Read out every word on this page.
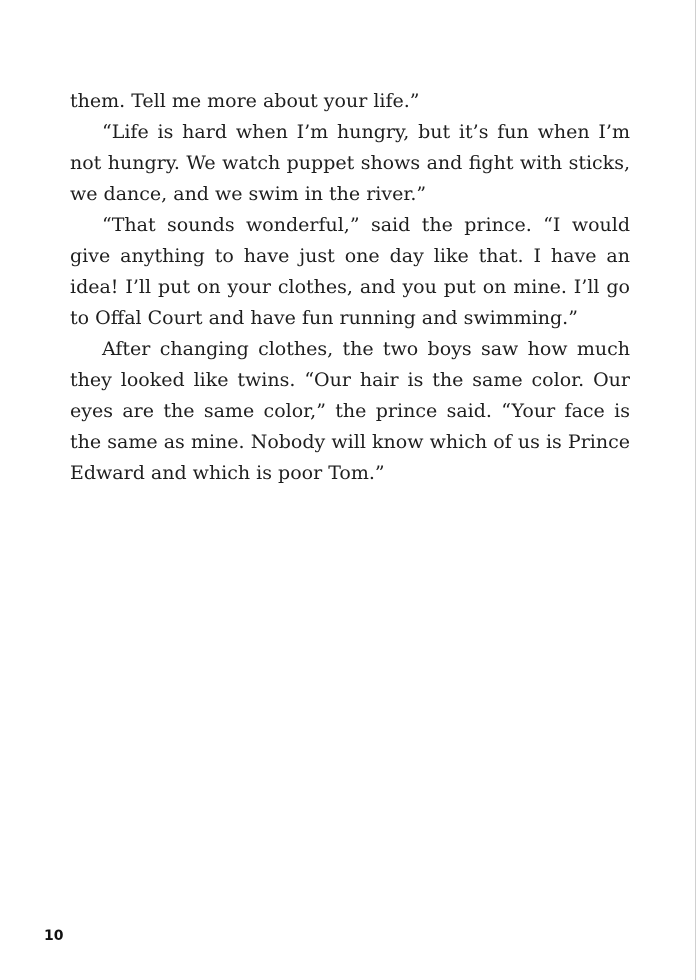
them. Tell me more about your life.”

“Life is hard when I’m hungry, but it’s fun when I’m not hungry. We watch puppet shows and fight with sticks, we dance, and we swim in the river.”

“That sounds wonderful,” said the prince. “I would give anything to have just one day like that. I have an idea! I’ll put on your clothes, and you put on mine. I’ll go to Offal Court and have fun running and swimming.”

After changing clothes, the two boys saw how much they looked like twins. “Our hair is the same color. Our eyes are the same color,” the prince said. “Your face is the same as mine. Nobody will know which of us is Prince Edward and which is poor Tom.”

10
